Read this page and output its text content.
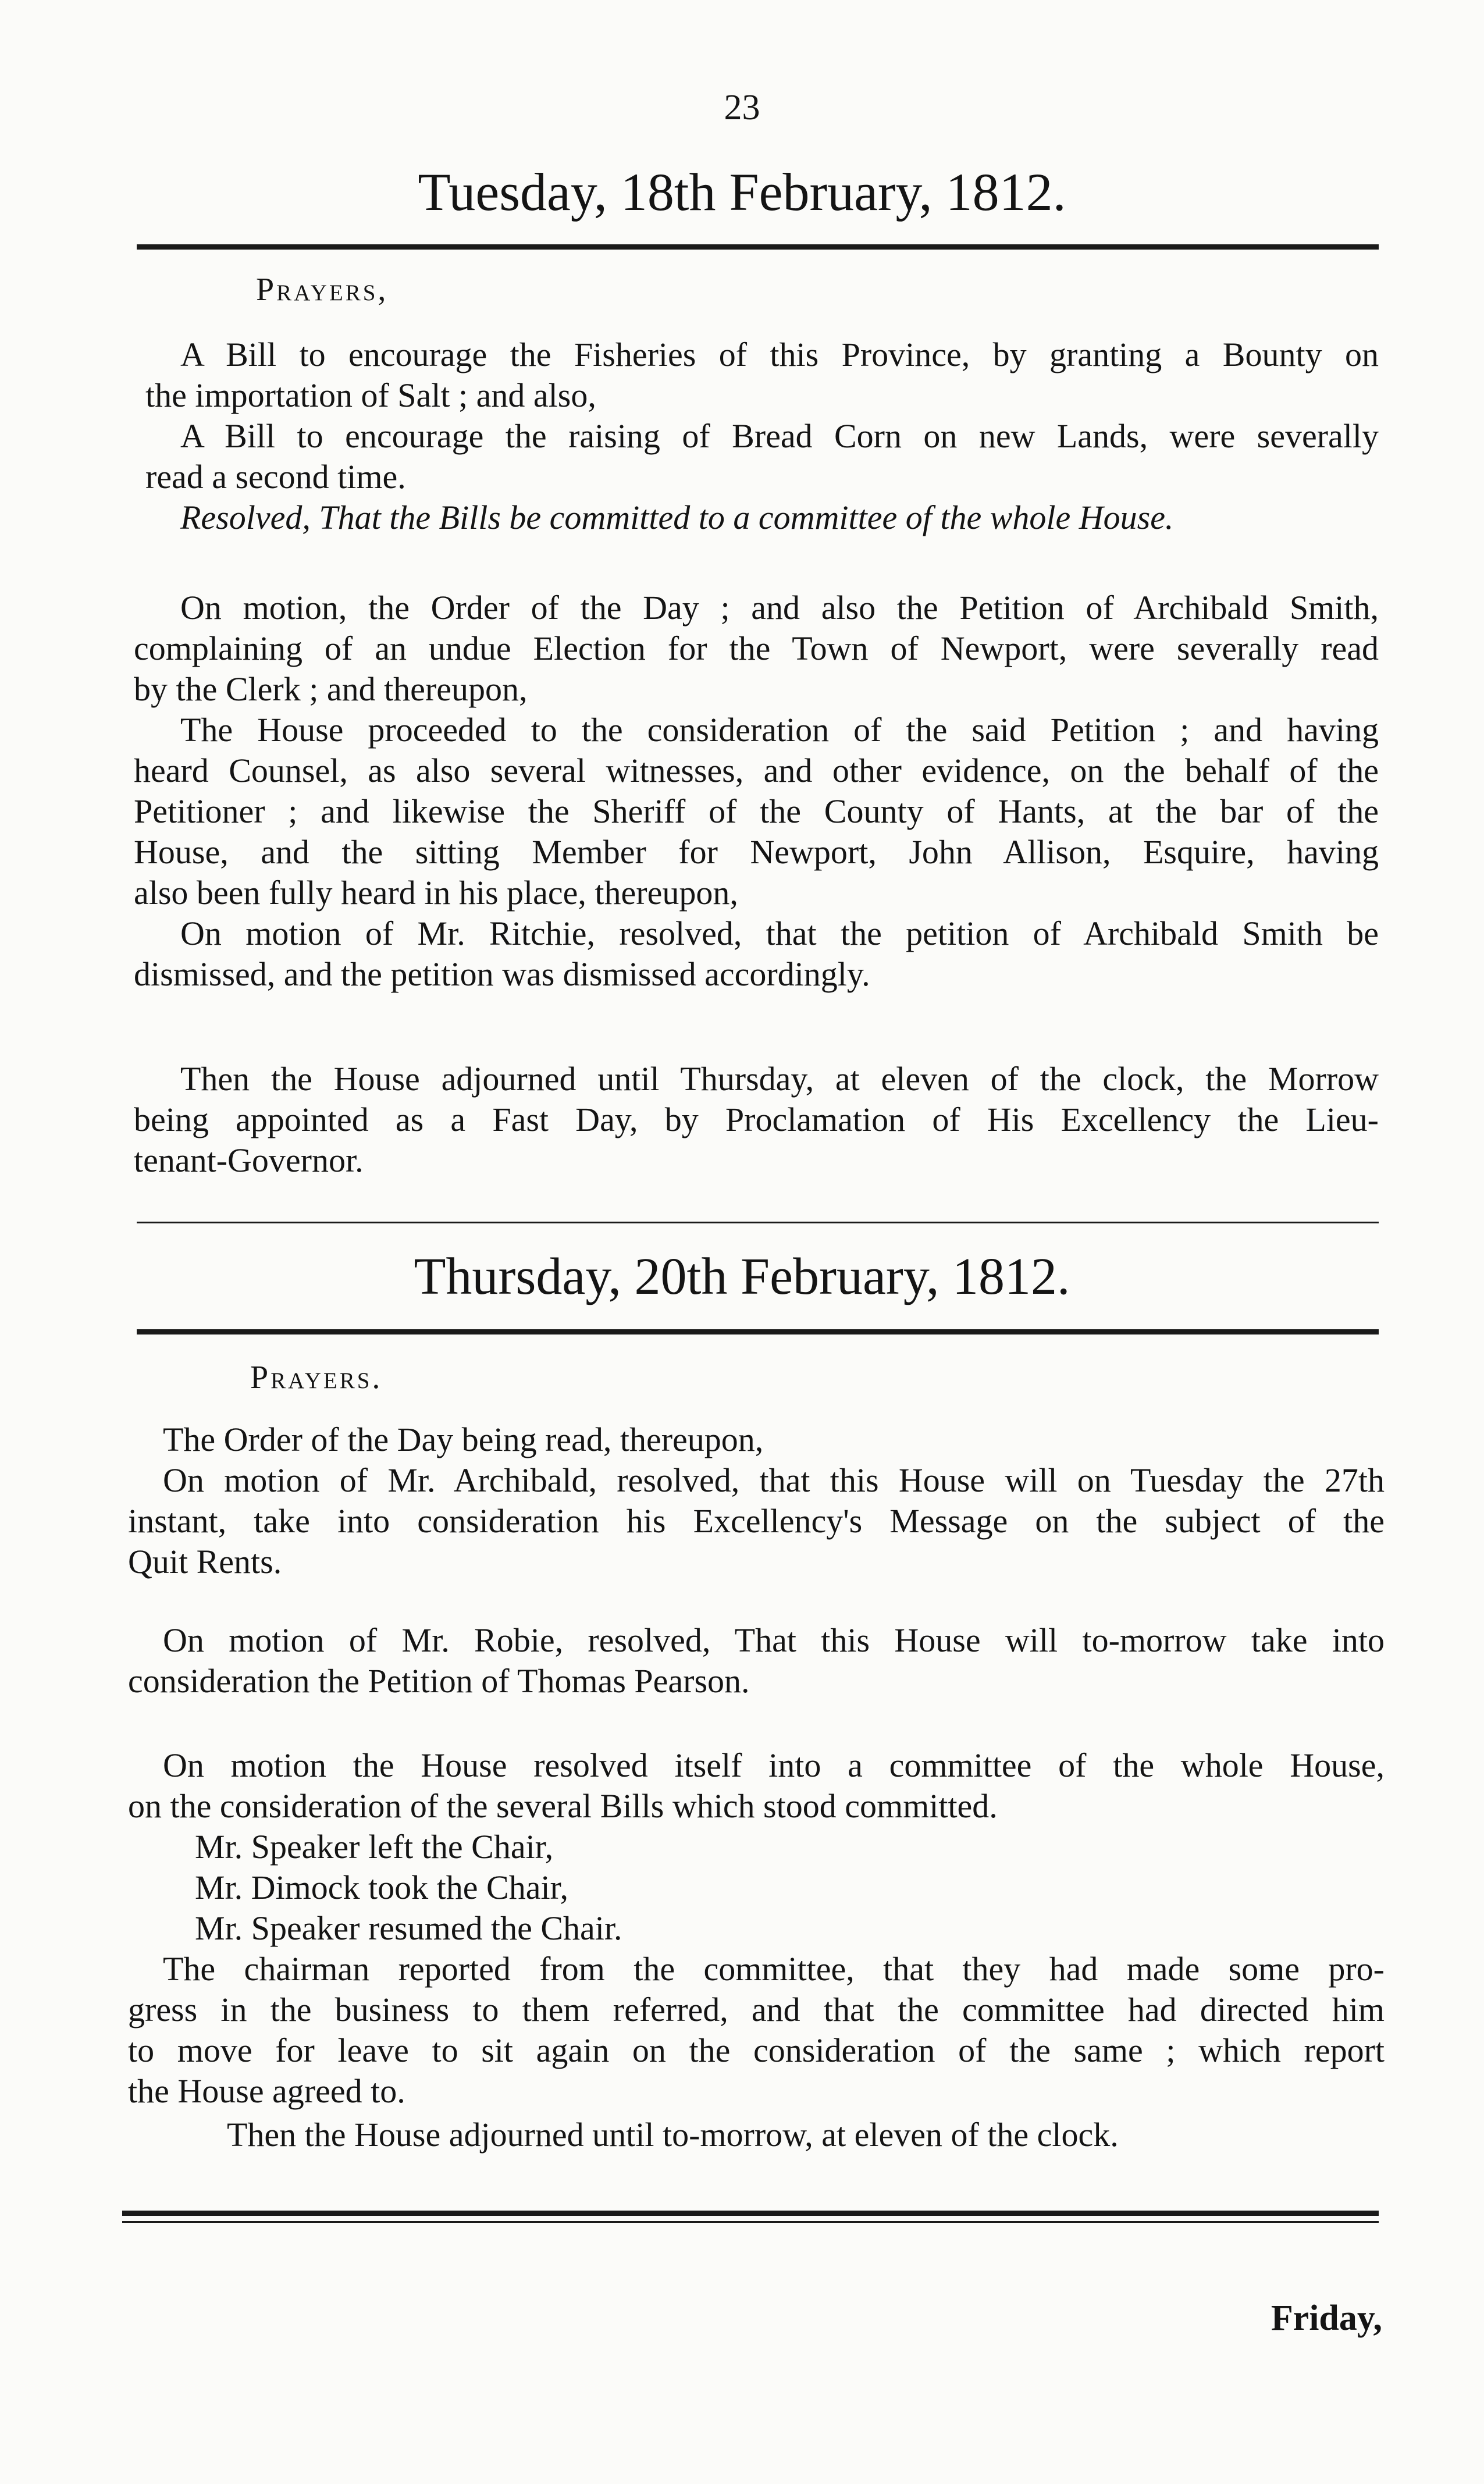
23
Tuesday, 18th February, 1812.
Prayers,
A Bill to encourage the Fisheries of this Province, by granting a Bounty on
the importation of Salt ; and also,
A Bill to encourage the raising of Bread Corn on new Lands, were severally
read a second time.
Resolved, That the Bills be committed to a committee of the whole House.
On motion, the Order of the Day ; and also the Petition of Archibald Smith,
complaining of an undue Election for the Town of Newport, were severally read
by the Clerk ; and thereupon,
The House proceeded to the consideration of the said Petition ; and having
heard Counsel, as also several witnesses, and other evidence, on the behalf of the
Petitioner ; and likewise the Sheriff of the County of Hants, at the bar of the
House, and the sitting Member for Newport, John Allison, Esquire, having
also been fully heard in his place, thereupon,
On motion of Mr. Ritchie, resolved, that the petition of Archibald Smith be
dismissed, and the petition was dismissed accordingly.
Then the House adjourned until Thursday, at eleven of the clock, the Morrow
being appointed as a Fast Day, by Proclamation of His Excellency the Lieu-
tenant-Governor.
Thursday, 20th February, 1812.
Prayers.
The Order of the Day being read, thereupon,
On motion of Mr. Archibald, resolved, that this House will on Tuesday the 27th
instant, take into consideration his Excellency's Message on the subject of the
Quit Rents.
On motion of Mr. Robie, resolved, That this House will to-morrow take into
consideration the Petition of Thomas Pearson.
On motion the House resolved itself into a committee of the whole House,
on the consideration of the several Bills which stood committed.
Mr. Speaker left the Chair,
Mr. Dimock took the Chair,
Mr. Speaker resumed the Chair.
The chairman reported from the committee, that they had made some pro-
gress in the business to them referred, and that the committee had directed him
to move for leave to sit again on the consideration of the same ; which report
the House agreed to.
Then the House adjourned until to-morrow, at eleven of the clock.
Friday,
